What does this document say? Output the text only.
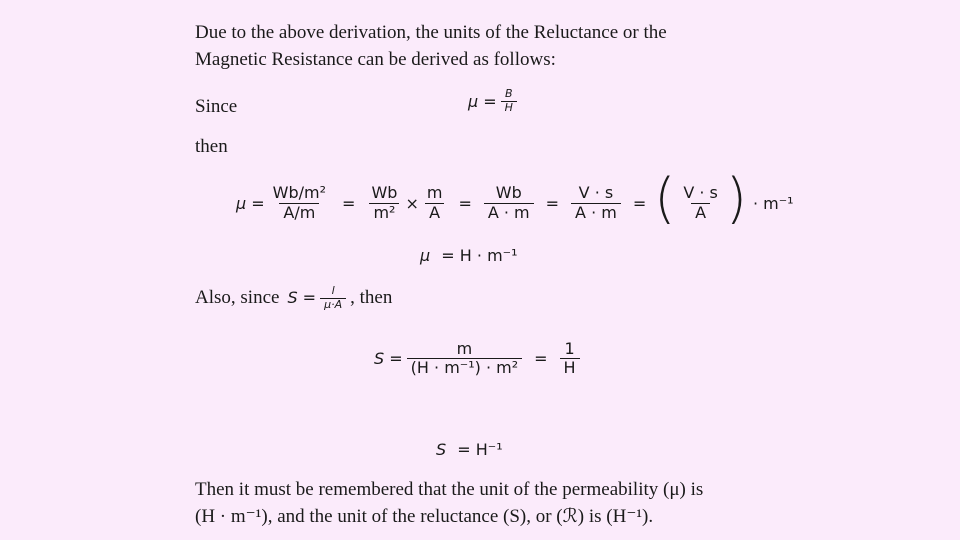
Due to the above derivation, the units of the Reluctance or the
Magnetic Resistance can be derived as follows:
Since	$\mu = \frac{B}{H}$
then
$\mu = \frac{\text{Wb/m²}}{A/m} = \frac{Wb}{\text{m²}} \times \frac{m}{A} = \frac{Wb}{A \cdot m} = \frac{V \cdot s}{A \cdot m}$ = ( $\frac{V \cdot s}{A}$ ) · m⁻¹
μ = H · m⁻¹
Also, since $S = \frac{l}{\mu\cdot A}$ , then
$S = \frac{m}{\text{(H · m⁻¹) · m²}} = \frac{1}{H}$
S = H⁻¹
Then it must be remembered that the unit of the permeability (μ) is
(H · m⁻¹), and the unit of the reluctance (S), or (ℛ) is (H⁻¹).
